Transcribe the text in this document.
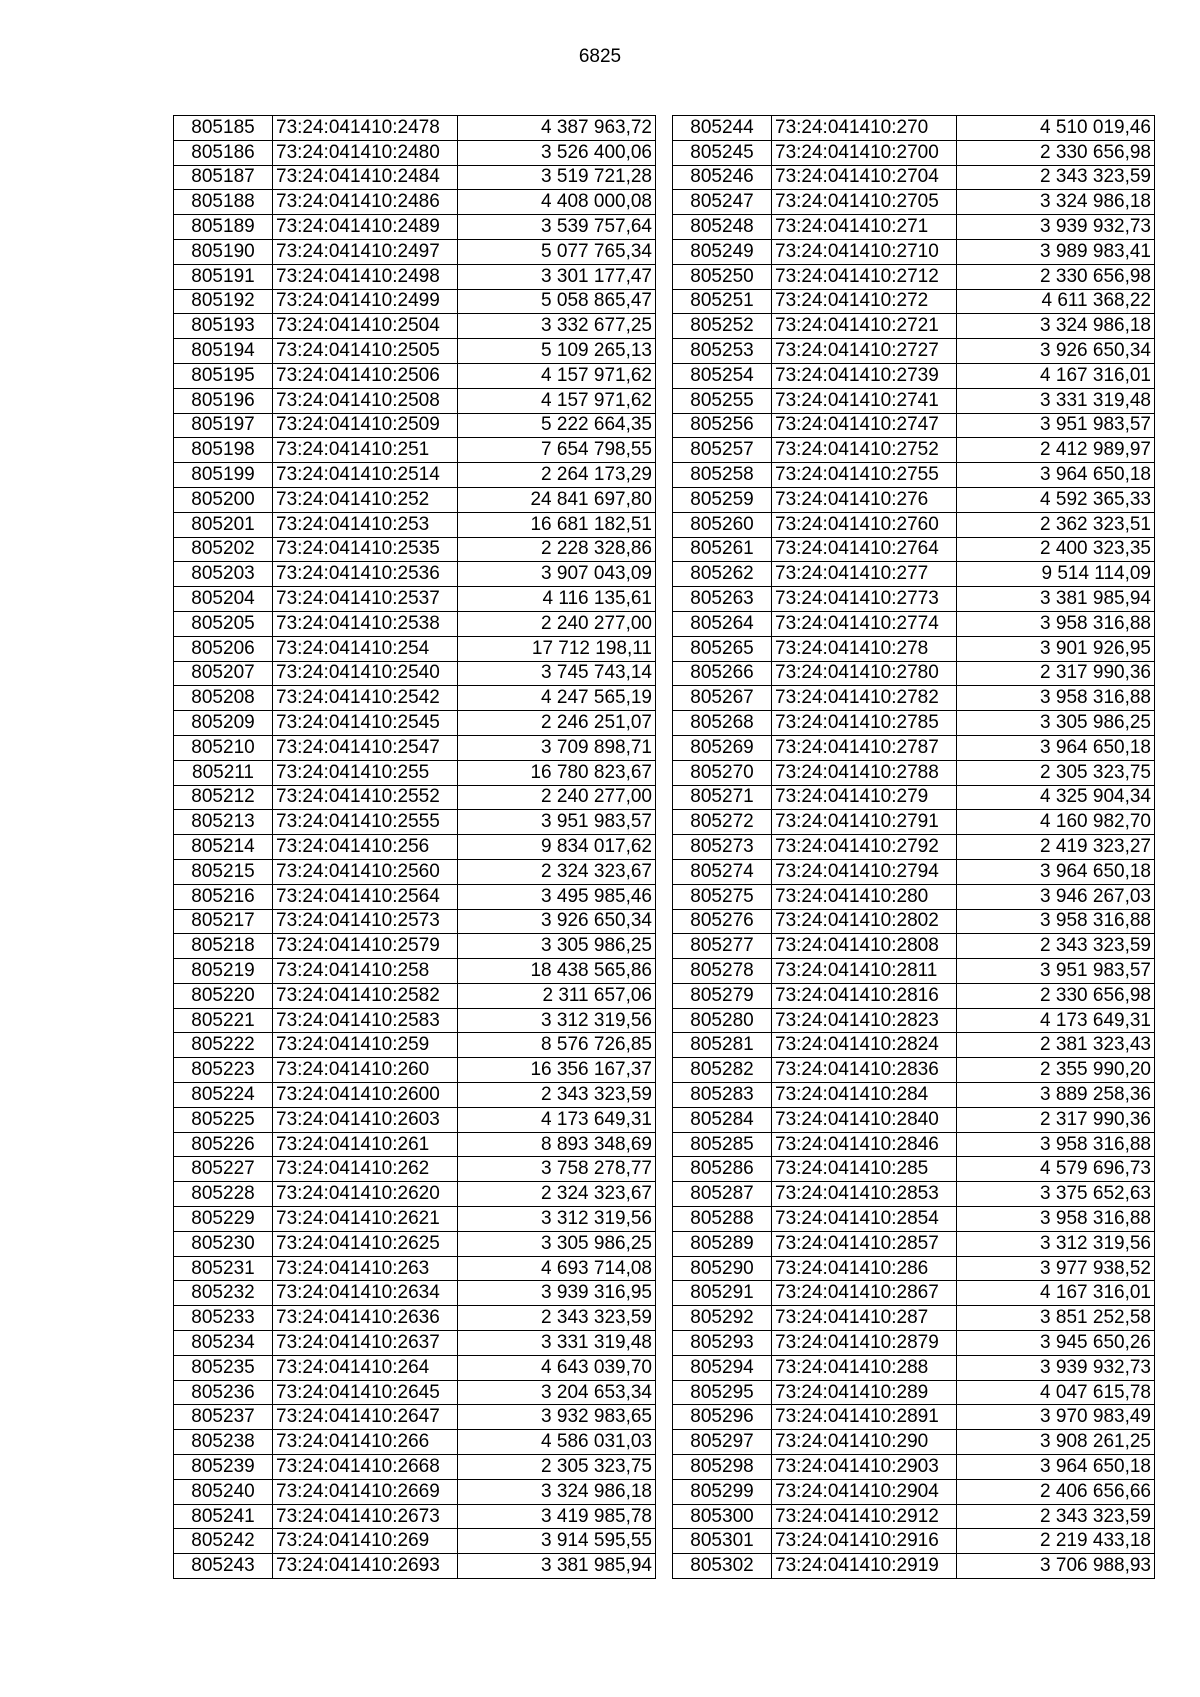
6825
805185	73:24:041410:2478	4 387 963,72
805186	73:24:041410:2480	3 526 400,06
805187	73:24:041410:2484	3 519 721,28
805188	73:24:041410:2486	4 408 000,08
805189	73:24:041410:2489	3 539 757,64
805190	73:24:041410:2497	5 077 765,34
805191	73:24:041410:2498	3 301 177,47
805192	73:24:041410:2499	5 058 865,47
805193	73:24:041410:2504	3 332 677,25
805194	73:24:041410:2505	5 109 265,13
805195	73:24:041410:2506	4 157 971,62
805196	73:24:041410:2508	4 157 971,62
805197	73:24:041410:2509	5 222 664,35
805198	73:24:041410:251	7 654 798,55
805199	73:24:041410:2514	2 264 173,29
805200	73:24:041410:252	24 841 697,80
805201	73:24:041410:253	16 681 182,51
805202	73:24:041410:2535	2 228 328,86
805203	73:24:041410:2536	3 907 043,09
805204	73:24:041410:2537	4 116 135,61
805205	73:24:041410:2538	2 240 277,00
805206	73:24:041410:254	17 712 198,11
805207	73:24:041410:2540	3 745 743,14
805208	73:24:041410:2542	4 247 565,19
805209	73:24:041410:2545	2 246 251,07
805210	73:24:041410:2547	3 709 898,71
805211	73:24:041410:255	16 780 823,67
805212	73:24:041410:2552	2 240 277,00
805213	73:24:041410:2555	3 951 983,57
805214	73:24:041410:256	9 834 017,62
805215	73:24:041410:2560	2 324 323,67
805216	73:24:041410:2564	3 495 985,46
805217	73:24:041410:2573	3 926 650,34
805218	73:24:041410:2579	3 305 986,25
805219	73:24:041410:258	18 438 565,86
805220	73:24:041410:2582	2 311 657,06
805221	73:24:041410:2583	3 312 319,56
805222	73:24:041410:259	8 576 726,85
805223	73:24:041410:260	16 356 167,37
805224	73:24:041410:2600	2 343 323,59
805225	73:24:041410:2603	4 173 649,31
805226	73:24:041410:261	8 893 348,69
805227	73:24:041410:262	3 758 278,77
805228	73:24:041410:2620	2 324 323,67
805229	73:24:041410:2621	3 312 319,56
805230	73:24:041410:2625	3 305 986,25
805231	73:24:041410:263	4 693 714,08
805232	73:24:041410:2634	3 939 316,95
805233	73:24:041410:2636	2 343 323,59
805234	73:24:041410:2637	3 331 319,48
805235	73:24:041410:264	4 643 039,70
805236	73:24:041410:2645	3 204 653,34
805237	73:24:041410:2647	3 932 983,65
805238	73:24:041410:266	4 586 031,03
805239	73:24:041410:2668	2 305 323,75
805240	73:24:041410:2669	3 324 986,18
805241	73:24:041410:2673	3 419 985,78
805242	73:24:041410:269	3 914 595,55
805243	73:24:041410:2693	3 381 985,94
805244	73:24:041410:270	4 510 019,46
805245	73:24:041410:2700	2 330 656,98
805246	73:24:041410:2704	2 343 323,59
805247	73:24:041410:2705	3 324 986,18
805248	73:24:041410:271	3 939 932,73
805249	73:24:041410:2710	3 989 983,41
805250	73:24:041410:2712	2 330 656,98
805251	73:24:041410:272	4 611 368,22
805252	73:24:041410:2721	3 324 986,18
805253	73:24:041410:2727	3 926 650,34
805254	73:24:041410:2739	4 167 316,01
805255	73:24:041410:2741	3 331 319,48
805256	73:24:041410:2747	3 951 983,57
805257	73:24:041410:2752	2 412 989,97
805258	73:24:041410:2755	3 964 650,18
805259	73:24:041410:276	4 592 365,33
805260	73:24:041410:2760	2 362 323,51
805261	73:24:041410:2764	2 400 323,35
805262	73:24:041410:277	9 514 114,09
805263	73:24:041410:2773	3 381 985,94
805264	73:24:041410:2774	3 958 316,88
805265	73:24:041410:278	3 901 926,95
805266	73:24:041410:2780	2 317 990,36
805267	73:24:041410:2782	3 958 316,88
805268	73:24:041410:2785	3 305 986,25
805269	73:24:041410:2787	3 964 650,18
805270	73:24:041410:2788	2 305 323,75
805271	73:24:041410:279	4 325 904,34
805272	73:24:041410:2791	4 160 982,70
805273	73:24:041410:2792	2 419 323,27
805274	73:24:041410:2794	3 964 650,18
805275	73:24:041410:280	3 946 267,03
805276	73:24:041410:2802	3 958 316,88
805277	73:24:041410:2808	2 343 323,59
805278	73:24:041410:2811	3 951 983,57
805279	73:24:041410:2816	2 330 656,98
805280	73:24:041410:2823	4 173 649,31
805281	73:24:041410:2824	2 381 323,43
805282	73:24:041410:2836	2 355 990,20
805283	73:24:041410:284	3 889 258,36
805284	73:24:041410:2840	2 317 990,36
805285	73:24:041410:2846	3 958 316,88
805286	73:24:041410:285	4 579 696,73
805287	73:24:041410:2853	3 375 652,63
805288	73:24:041410:2854	3 958 316,88
805289	73:24:041410:2857	3 312 319,56
805290	73:24:041410:286	3 977 938,52
805291	73:24:041410:2867	4 167 316,01
805292	73:24:041410:287	3 851 252,58
805293	73:24:041410:2879	3 945 650,26
805294	73:24:041410:288	3 939 932,73
805295	73:24:041410:289	4 047 615,78
805296	73:24:041410:2891	3 970 983,49
805297	73:24:041410:290	3 908 261,25
805298	73:24:041410:2903	3 964 650,18
805299	73:24:041410:2904	2 406 656,66
805300	73:24:041410:2912	2 343 323,59
805301	73:24:041410:2916	2 219 433,18
805302	73:24:041410:2919	3 706 988,93
